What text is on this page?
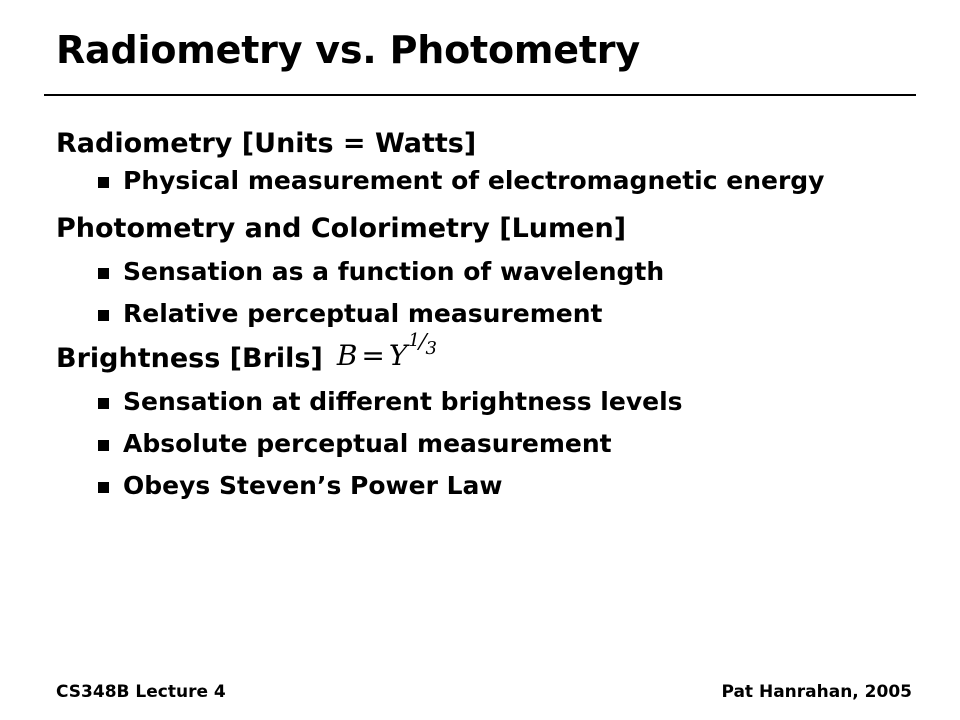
Radiometry vs. Photometry
Radiometry [Units = Watts]
Physical measurement of electromagnetic energy
Photometry and Colorimetry [Lumen]
Sensation as a function of wavelength
Relative perceptual measurement
Brightness [Brils] B = Y 1 ⁄ 3
Sensation at different brightness levels
Absolute perceptual measurement
Obeys Steven’s Power Law
CS348B Lecture 4	Pat Hanrahan, 2005
